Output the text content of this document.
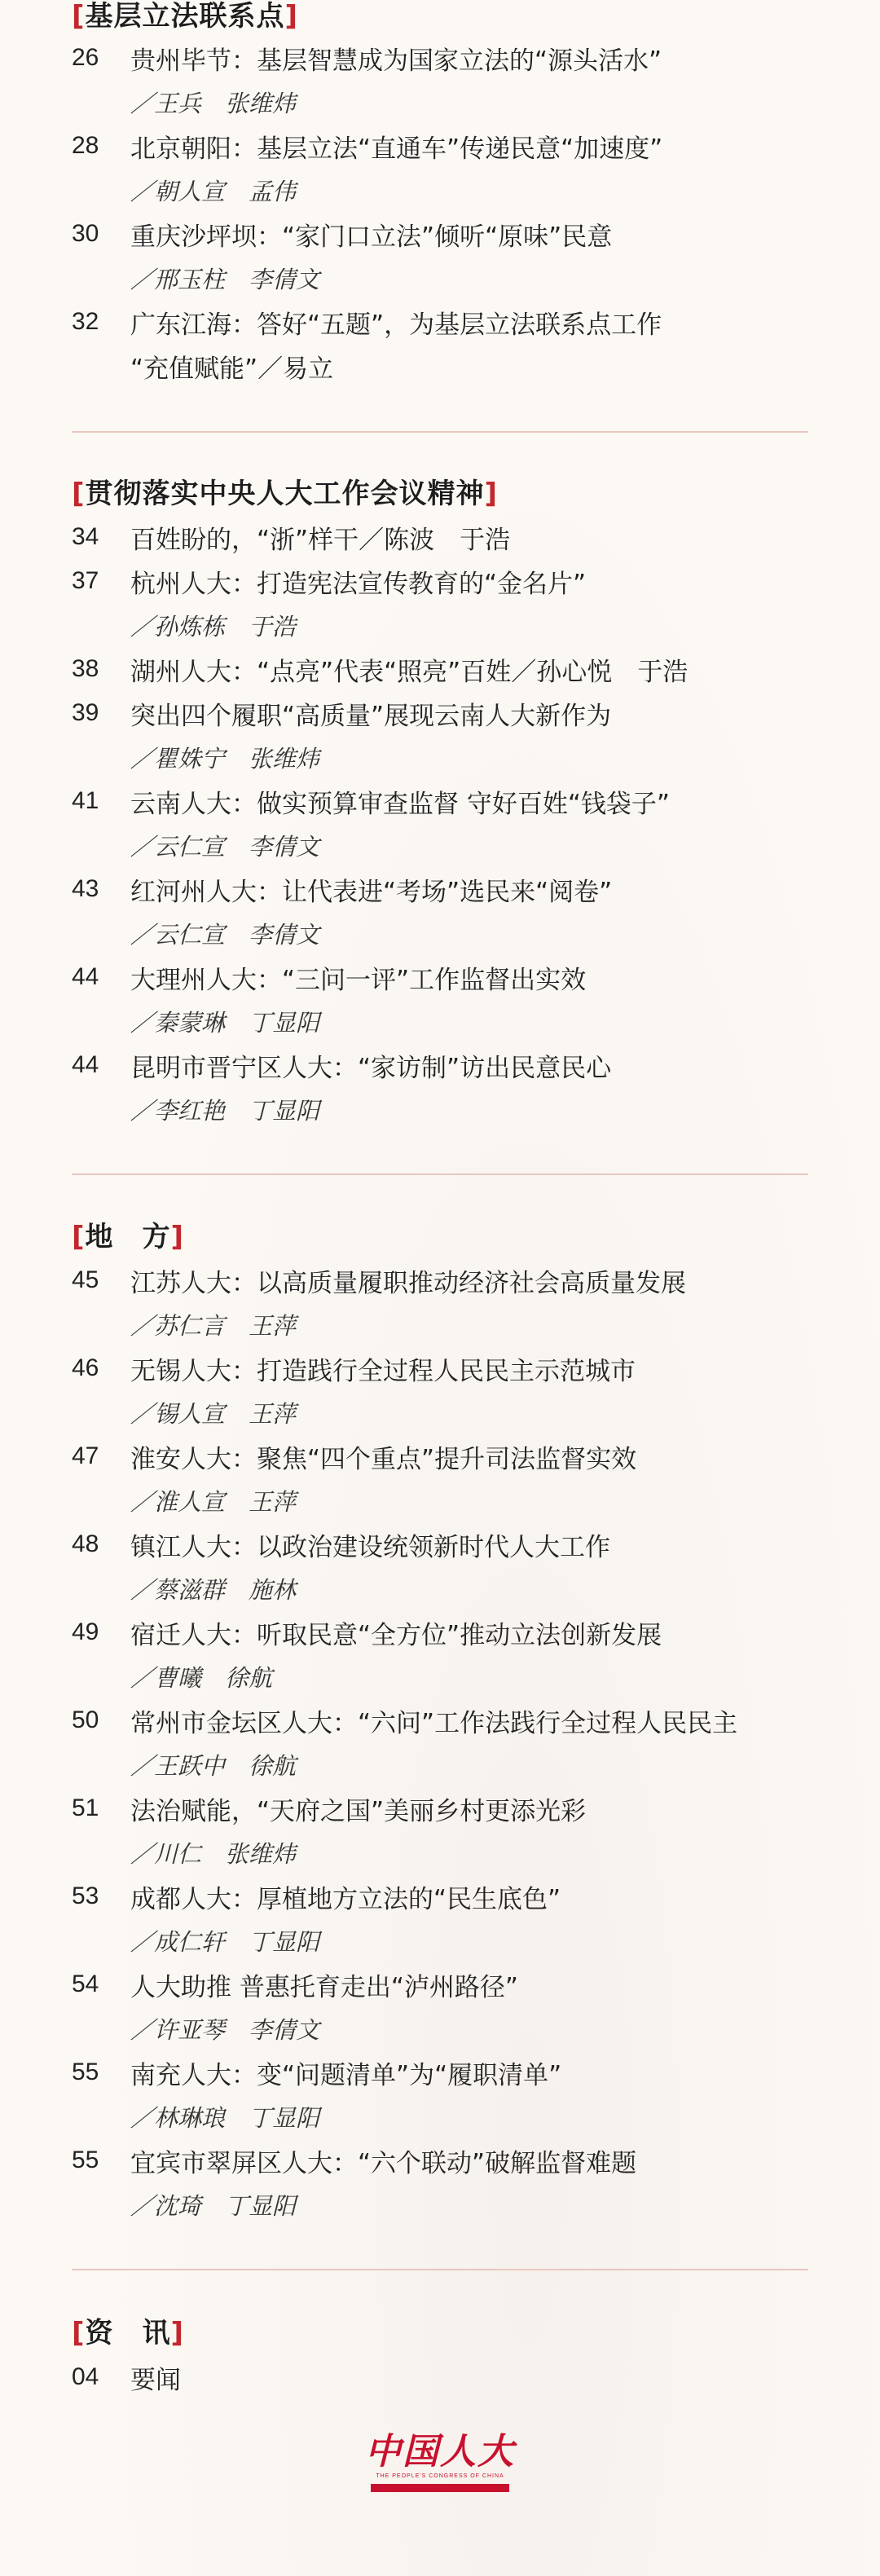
[基层立法联系点]
26	贵州毕节：基层智慧成为国家立法的“源头活水”
／王兵　张维炜
28	北京朝阳：基层立法“直通车”传递民意“加速度”
／朝人宣　孟伟
30	重庆沙坪坝：“家门口立法”倾听“原味”民意
／邢玉柱　李倩文
32	广东江海：答好“五题”，为基层立法联系点工作
“充值赋能”／易立
[贯彻落实中央人大工作会议精神]
34	百姓盼的，“浙”样干／陈波　于浩
37	杭州人大：打造宪法宣传教育的“金名片”
／孙炼栋　于浩
38	湖州人大：“点亮”代表“照亮”百姓／孙心悦　于浩
39	突出四个履职“高质量”展现云南人大新作为
／瞿姝宁　张维炜
41	云南人大：做实预算审查监督 守好百姓“钱袋子”
／云仁宣　李倩文
43	红河州人大：让代表进“考场”选民来“阅卷”
／云仁宣　李倩文
44	大理州人大：“三问一评”工作监督出实效
／秦蒙琳　丁显阳
44	昆明市晋宁区人大：“家访制”访出民意民心
／李红艳　丁显阳
[地　方]
45	江苏人大：以高质量履职推动经济社会高质量发展
／苏仁言　王萍
46	无锡人大：打造践行全过程人民民主示范城市
／锡人宣　王萍
47	淮安人大：聚焦“四个重点”提升司法监督实效
／淮人宣　王萍
48	镇江人大：以政治建设统领新时代人大工作
／蔡滋群　施林
49	宿迁人大：听取民意“全方位”推动立法创新发展
／曹曦　徐航
50	常州市金坛区人大：“六问”工作法践行全过程人民民主
／王跃中　徐航
51	法治赋能，“天府之国”美丽乡村更添光彩
／川仁　张维炜
53	成都人大：厚植地方立法的“民生底色”
／成仁轩　丁显阳
54	人大助推 普惠托育走出“泸州路径”
／许亚琴　李倩文
55	南充人大：变“问题清单”为“履职清单”
／林琳琅　丁显阳
55	宜宾市翠屏区人大：“六个联动”破解监督难题
／沈琦　丁显阳
[资　讯]
04	要闻
中国人大
THE PEOPLE'S CONGRESS OF CHINA
